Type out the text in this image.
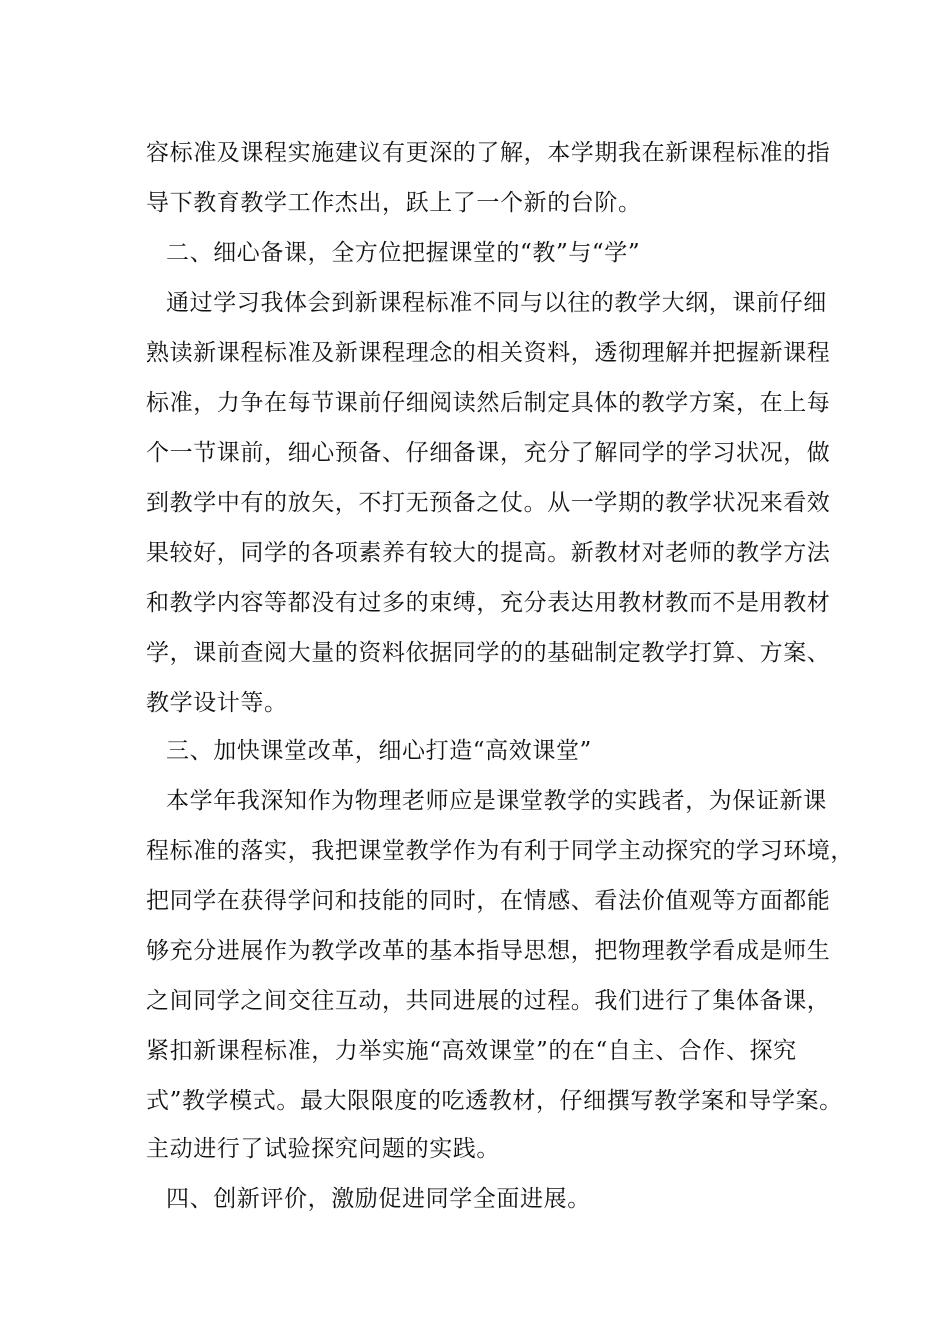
容标准及课程实施建议有更深的了解，本学期我在新课程标准的指
导下教育教学工作杰出，跃上了一个新的台阶。
二、细心备课，全方位把握课堂的“教”与“学”
通过学习我体会到新课程标准不同与以往的教学大纲，课前仔细
熟读新课程标准及新课程理念的相关资料，透彻理解并把握新课程
标准，力争在每节课前仔细阅读然后制定具体的教学方案，在上每
个一节课前，细心预备、仔细备课，充分了解同学的学习状况，做
到教学中有的放矢，不打无预备之仗。从一学期的教学状况来看效
果较好，同学的各项素养有较大的提高。新教材对老师的教学方法
和教学内容等都没有过多的束缚，充分表达用教材教而不是用教材
学，课前查阅大量的资料依据同学的的基础制定教学打算、方案、
教学设计等。
三、加快课堂改革，细心打造“高效课堂”
本学年我深知作为物理老师应是课堂教学的实践者，为保证新课
程标准的落实，我把课堂教学作为有利于同学主动探究的学习环境，
把同学在获得学问和技能的同时，在情感、看法价值观等方面都能
够充分进展作为教学改革的基本指导思想，把物理教学看成是师生
之间同学之间交往互动，共同进展的过程。我们进行了集体备课，
紧扣新课程标准，力举实施“高效课堂”的在“自主、合作、探究
式”教学模式。最大限限度的吃透教材，仔细撰写教学案和导学案。
主动进行了试验探究问题的实践。
四、创新评价，激励促进同学全面进展。
